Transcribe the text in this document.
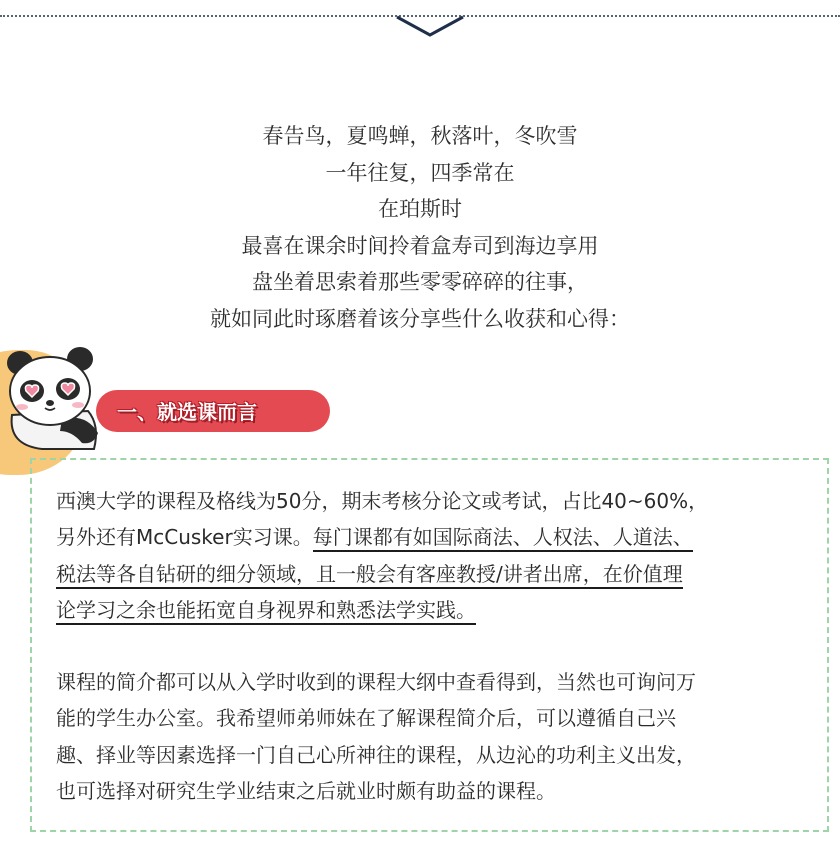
春告鸟，夏鸣蝉，秋落叶，冬吹雪
一年往复，四季常在
在珀斯时
最喜在课余时间拎着盒寿司到海边享用
盘坐着思索着那些零零碎碎的往事，
就如同此时琢磨着该分享些什么收获和心得：
一、就选课而言
西澳大学的课程及格线为50分，期末考核分论文或考试，占比40~60%，
另外还有McCusker实习课。每门课都有如国际商法、人权法、人道法、
税法等各自钻研的细分领域，且一般会有客座教授/讲者出席，在价值理
论学习之余也能拓宽自身视界和熟悉法学实践。
课程的简介都可以从入学时收到的课程大纲中查看得到，当然也可询问万
能的学生办公室。我希望师弟师妹在了解课程简介后，可以遵循自己兴
趣、择业等因素选择一门自己心所神往的课程，从边沁的功利主义出发，
也可选择对研究生学业结束之后就业时颇有助益的课程。
